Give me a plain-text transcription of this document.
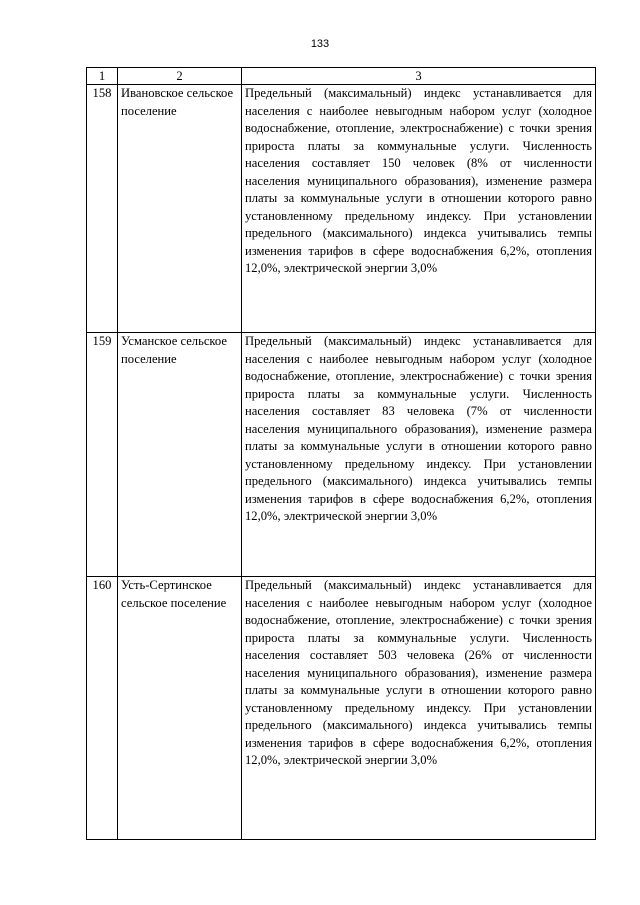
133
1	2	3
158	Ивановское сельское поселение	Предельный (максимальный) индекс устанавливается для населения с наиболее невыгодным набором услуг (холодное водоснабжение, отопление, электроснабжение) с точки зрения прироста платы за коммунальные услуги. Численность населения составляет 150 человек (8% от численности населения муниципального образования), изменение размера платы за коммунальные услуги в отношении которого равно установленному предельному индексу. При установлении предельного (максимального) индекса учитывались темпы изменения тарифов в сфере водоснабжения 6,2%, отопления 12,0%, электрической энергии 3,0%
159	Усманское сельское поселение	Предельный (максимальный) индекс устанавливается для населения с наиболее невыгодным набором услуг (холодное водоснабжение, отопление, электроснабжение) с точки зрения прироста платы за коммунальные услуги. Численность населения составляет 83 человека (7% от численности населения муниципального образования), изменение размера платы за коммунальные услуги в отношении которого равно установленному предельному индексу. При установлении предельного (максимального) индекса учитывались темпы изменения тарифов в сфере водоснабжения 6,2%, отопления 12,0%, электрической энергии 3,0%
160	Усть-Сертинское сельское поселение	Предельный (максимальный) индекс устанавливается для населения с наиболее невыгодным набором услуг (холодное водоснабжение, отопление, электроснабжение) с точки зрения прироста платы за коммунальные услуги. Численность населения составляет 503 человека (26% от численности населения муниципального образования), изменение размера платы за коммунальные услуги в отношении которого равно установленному предельному индексу. При установлении предельного (максимального) индекса учитывались темпы изменения тарифов в сфере водоснабжения 6,2%, отопления 12,0%, электрической энергии 3,0%
